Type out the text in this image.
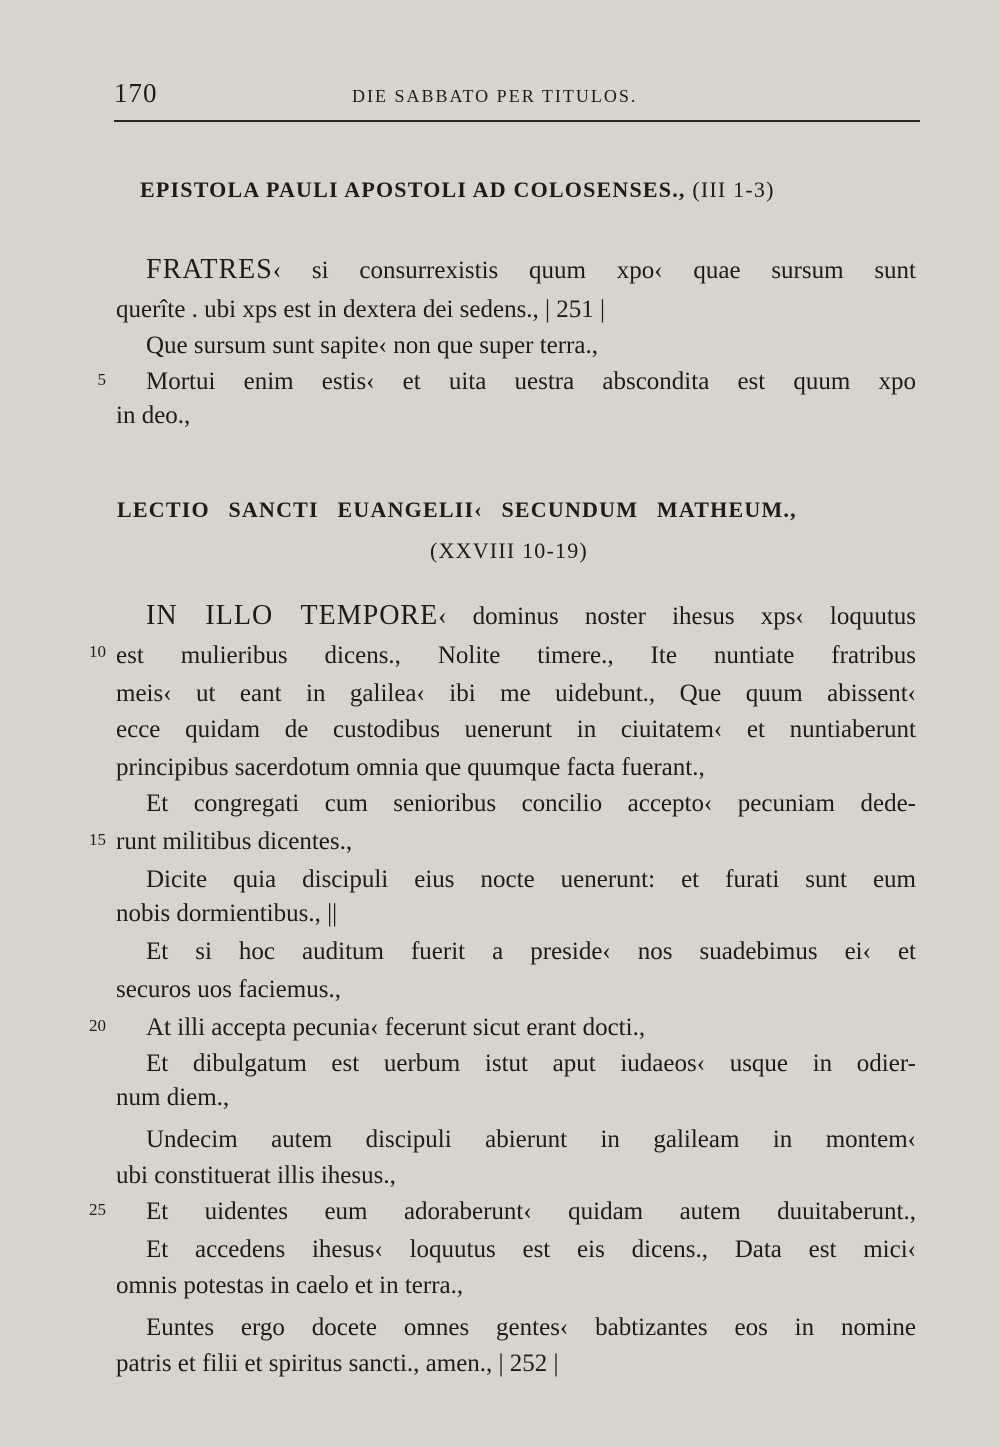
170	DIE SABBATO PER TITULOS.
EPISTOLA PAULI APOSTOLI AD COLOSENSES., (III 1-3)
FRATRES‹ si consurrexistis quum xpo‹ quae sursum sunt
querîte . ubi xps est in dextera dei sedens., | 251 |
Que sursum sunt sapite‹ non que super terra.,
5 Mortui enim estis‹ et uita uestra abscondita est quum xpo
in deo.,
LECTIO SANCTI EUANGELII‹ SECUNDUM MATHEUM.,
(XXVIII 10-19)
IN ILLO TEMPORE‹ dominus noster ihesus xps‹ loquutus
10 est mulieribus dicens., Nolite timere., Ite nuntiate fratribus
meis‹ ut eant in galilea‹ ibi me uidebunt., Que quum abissent‹
ecce quidam de custodibus uenerunt in ciuitatem‹ et nuntiaberunt
principibus sacerdotum omnia que quumque facta fuerant.,
Et congregati cum senioribus concilio accepto‹ pecuniam dede-
15 runt militibus dicentes.,
Dicite quia discipuli eius nocte uenerunt: et furati sunt eum
nobis dormientibus., ||
Et si hoc auditum fuerit a preside‹ nos suadebimus ei‹ et
securos uos faciemus.,
20 At illi accepta pecunia‹ fecerunt sicut erant docti.,
Et dibulgatum est uerbum istut aput iudaeos‹ usque in odier-
num diem.,
Undecim autem discipuli abierunt in galileam in montem‹
ubi constituerat illis ihesus.,
25 Et uidentes eum adoraberunt‹ quidam autem duuitaberunt.,
Et accedens ihesus‹ loquutus est eis dicens., Data est mici‹
omnis potestas in caelo et in terra.,
Euntes ergo docete omnes gentes‹ babtizantes eos in nomine
patris et filii et spiritus sancti., amen., | 252 |
